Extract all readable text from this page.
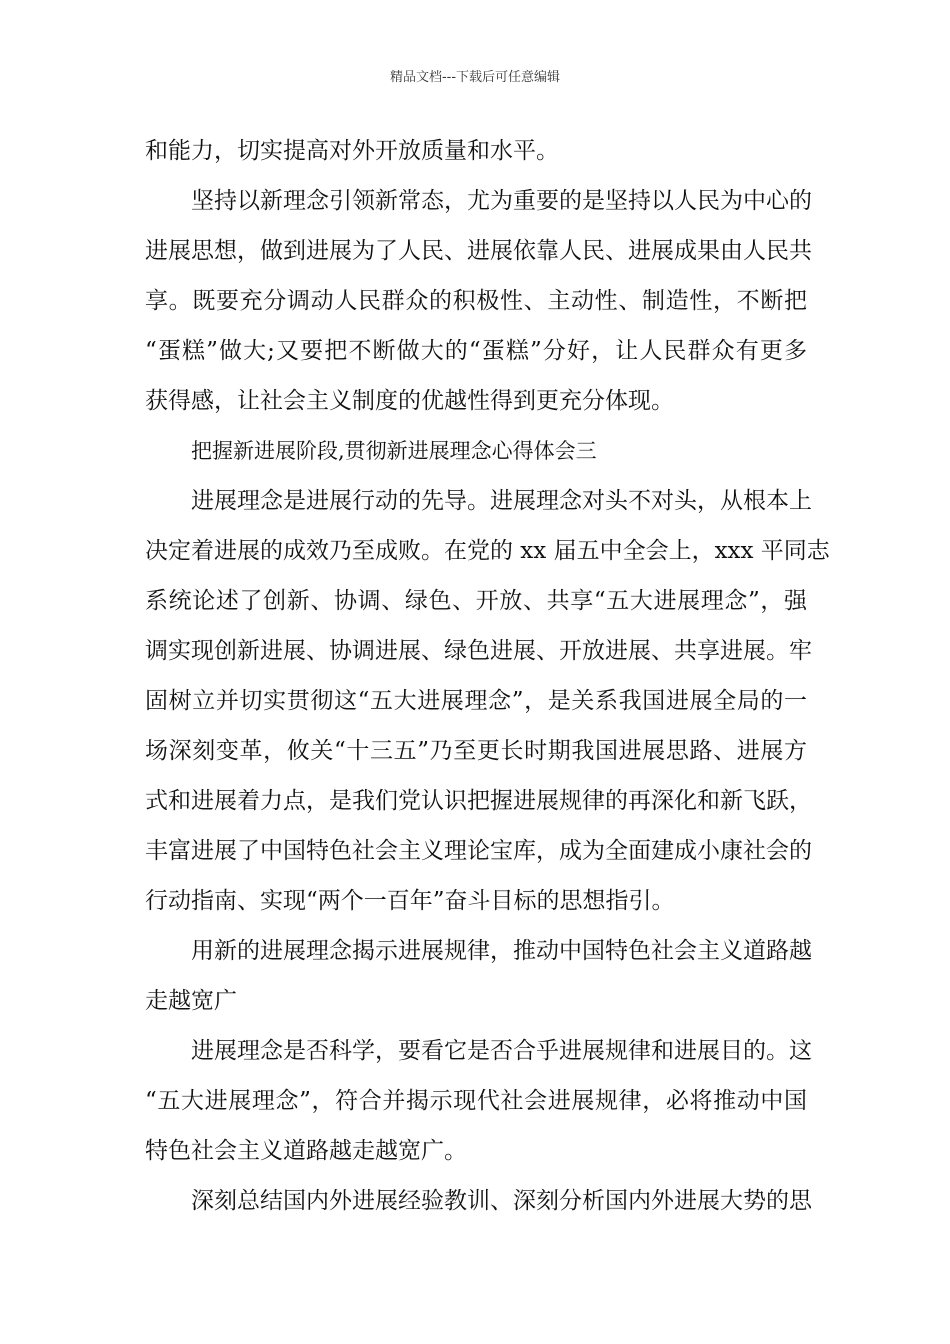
精品文档---下载后可任意编辑

和能力，切实提高对外开放质量和水平。

坚持以新理念引领新常态，尤为重要的是坚持以人民为中心的
进展思想，做到进展为了人民、进展依靠人民、进展成果由人民共
享。既要充分调动人民群众的积极性、主动性、制造性，不断把
“蛋糕”做大;又要把不断做大的“蛋糕”分好，让人民群众有更多
获得感，让社会主义制度的优越性得到更充分体现。

把握新进展阶段,贯彻新进展理念心得体会三

进展理念是进展行动的先导。进展理念对头不对头，从根本上
决定着进展的成效乃至成败。在党的 xx 届五中全会上，xxx 平同志
系统论述了创新、协调、绿色、开放、共享“五大进展理念”，强
调实现创新进展、协调进展、绿色进展、开放进展、共享进展。牢
固树立并切实贯彻这“五大进展理念”，是关系我国进展全局的一
场深刻变革，攸关“十三五”乃至更长时期我国进展思路、进展方
式和进展着力点，是我们党认识把握进展规律的再深化和新飞跃，
丰富进展了中国特色社会主义理论宝库，成为全面建成小康社会的
行动指南、实现“两个一百年”奋斗目标的思想指引。

用新的进展理念揭示进展规律，推动中国特色社会主义道路越
走越宽广

进展理念是否科学，要看它是否合乎进展规律和进展目的。这
“五大进展理念”，符合并揭示现代社会进展规律，必将推动中国
特色社会主义道路越走越宽广。

深刻总结国内外进展经验教训、深刻分析国内外进展大势的思
